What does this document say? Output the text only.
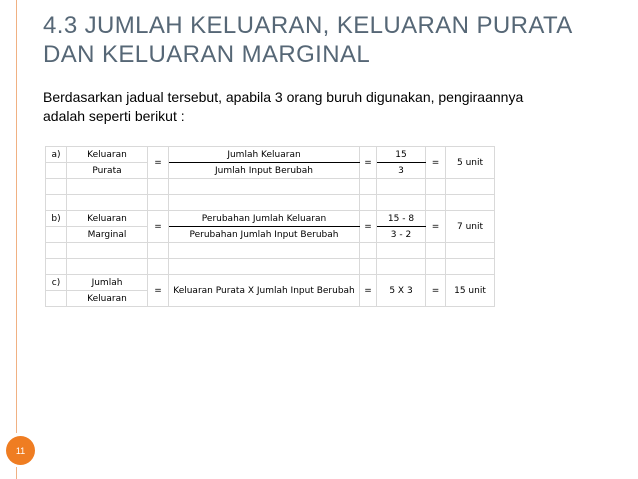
11
4.3 JUMLAH KELUARAN, KELUARAN PURATA
DAN KELUARAN MARGINAL
Berdasarkan jadual tersebut, apabila 3 orang buruh digunakan, pengiraannya
adalah seperti berikut :
a)	Keluaran	=	Jumlah Keluaran	=	15	=	5 unit
	Purata		Jumlah Input Berubah		3		

b)	Keluaran	=	Perubahan Jumlah Keluaran	=	15 - 8	=	7 unit
	Marginal		Perubahan Jumlah Input Berubah		3 - 2		

c)	Jumlah	=	Keluaran Purata X Jumlah Input Berubah	=	5 X 3	=	15 unit
	Keluaran						
